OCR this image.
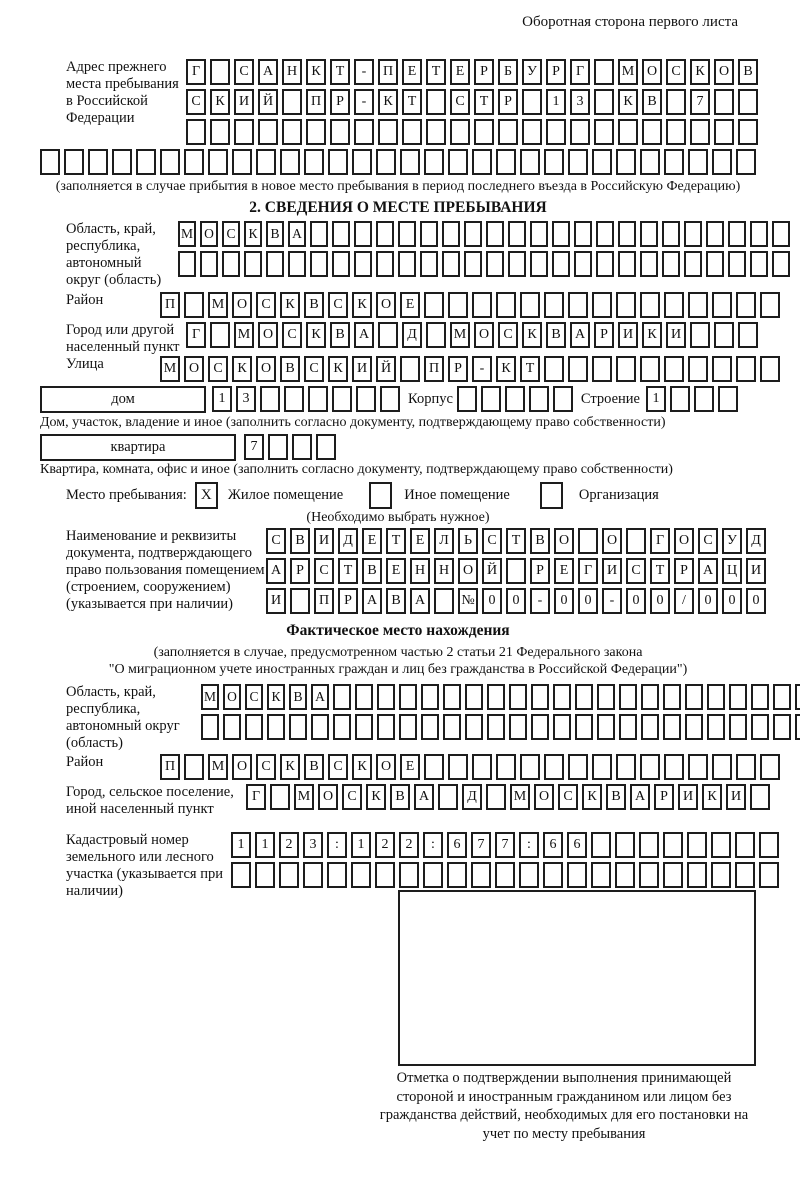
Оборотная сторона первого листа
Адрес прежнего места пребывания в Российской Федерации
Г	С	А Н	К	Т	-	П	Е	Т	Е	Р	Б	У	Р	Г	М О	С	К	О	В
С	К	И Й	П	Р	-	К	Т	С	Т	Р	1	3	К	В	7
(заполняется в случае прибытия в новое место пребывания в период последнего въезда в Российскую Федерацию)
2. СВЕДЕНИЯ О МЕСТЕ ПРЕБЫВАНИЯ
Область, край, республика, автономный округ (область)
М О С К В А
Район	П	М О	С	К	В	С	К	О	Е
Город или другой населенный пункт
Г	М О	С	К	В	А	Д	М О	С	К	В	А	Р	И	К	И
Улица	М О	С	К	О	В	С	К	И Й	П	Р	-	К	Т
дом	1	3	Корпус	Строение 1
Дом, участок, владение и иное (заполнить согласно документу, подтверждающему право собственности)
квартира	7
Квартира, комната, офис и иное (заполнить согласно документу, подтверждающему право собственности)
Место пребывания: X	Жилое помещение	Иное помещение	Организация
(Необходимо выбрать нужное)
Наименование и реквизиты документа, подтверждающего право пользования помещением (строением, сооружением) (указывается при наличии)
С	В	И	Д	Е	Т	Е	Л	Ь	С	Т	В	О	О	Г	О	С	У	Д
А	Р	С	Т	В	Е	Н Н О Й	Р	Е	Г	И	С	Т	Р	А Ц И
И	П	Р	А	В	А	№ 0	0	-	0	0	-	0	0	/	0	0	0
Фактическое место нахождения
(заполняется в случае, предусмотренном частью 2 статьи 21 Федерального закона
"О миграционном учете иностранных граждан и лиц без гражданства в Российской Федерации")
Область, край, республика, автономный округ (область)
М О С К В А
Район	П	М О	С	К	В	С	К	О	Е
Город, сельское поселение, иной населенный пункт
Г	М О	С	К	В	А	Д	М О	С	К	В	А	Р	И	К	И
Кадастровый номер земельного или лесного участка (указывается при наличии)
1	1	2	3	:	1	2	2	:	6	7	7	:	6	6
Отметка о подтверждении выполнения принимающей стороной и иностранным гражданином или лицом без гражданства действий, необходимых для его постановки на учет по месту пребывания
